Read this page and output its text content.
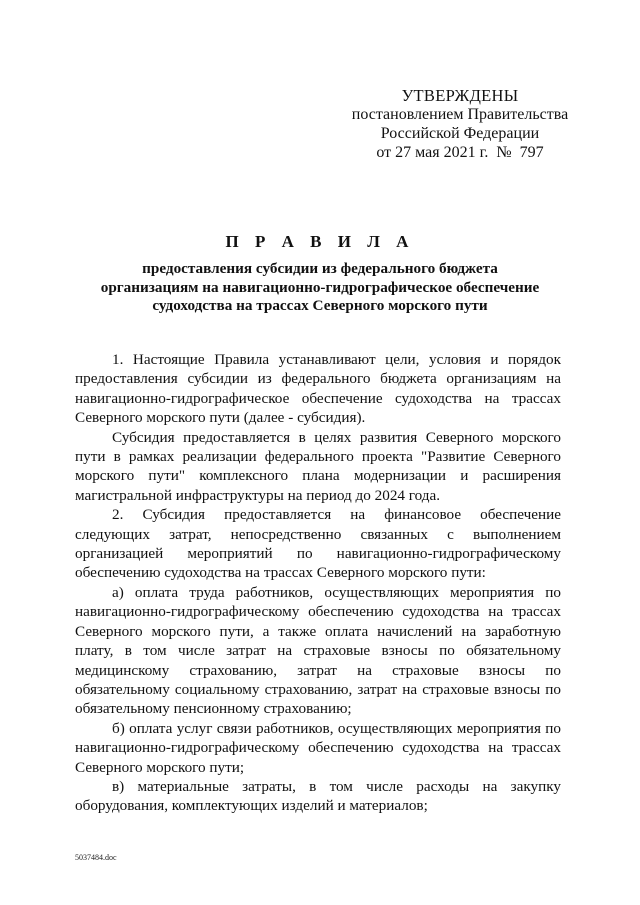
УТВЕРЖДЕНЫ
постановлением Правительства
Российской Федерации
от 27 мая 2021 г.  №  797
П Р А В И Л А
предоставления субсидии из федерального бюджета
организациям на навигационно-гидрографическое обеспечение
судоходства на трассах Северного морского пути

1. Настоящие Правила устанавливают цели, условия и порядок предоставления субсидии из федерального бюджета организациям на навигационно-гидрографическое обеспечение судоходства на трассах Северного морского пути (далее - субсидия).

Субсидия предоставляется в целях развития Северного морского пути в рамках реализации федерального проекта "Развитие Северного морского пути" комплексного плана модернизации и расширения магистральной инфраструктуры на период до 2024 года.

2. Субсидия предоставляется на финансовое обеспечение следующих затрат, непосредственно связанных с выполнением организацией мероприятий по навигационно-гидрографическому обеспечению судоходства на трассах Северного морского пути:

а) оплата труда работников, осуществляющих мероприятия по навигационно-гидрографическому обеспечению судоходства на трассах Северного морского пути, а также оплата начислений на заработную плату, в том числе затрат на страховые взносы по обязательному медицинскому страхованию, затрат на страховые взносы по обязательному социальному страхованию, затрат на страховые взносы по обязательному пенсионному страхованию;

б) оплата услуг связи работников, осуществляющих мероприятия по навигационно-гидрографическому обеспечению судоходства на трассах Северного морского пути;

в) материальные затраты, в том числе расходы на закупку оборудования, комплектующих изделий и материалов;

5037484.doc
